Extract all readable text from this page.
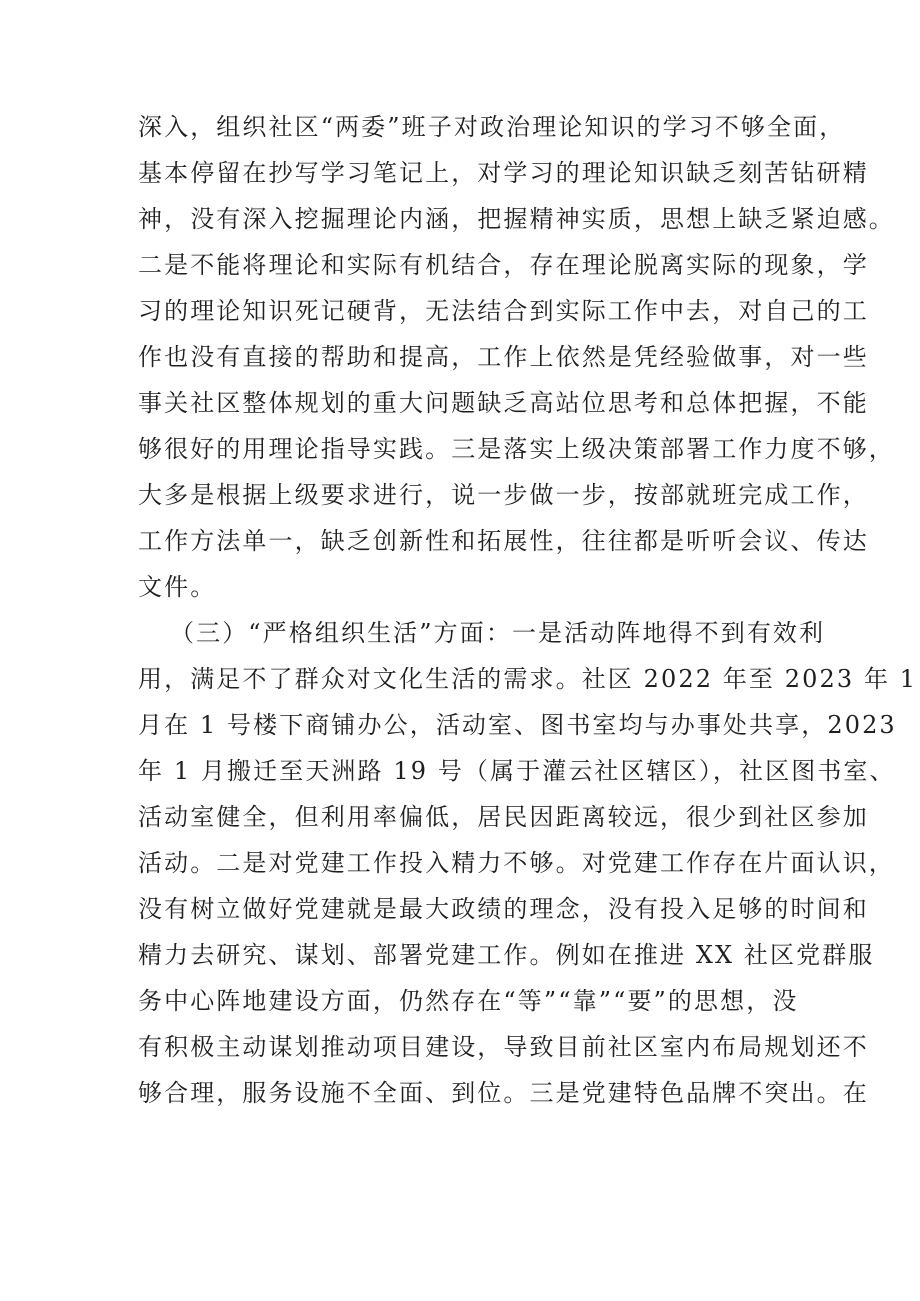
深入，组织社区“两委”班子对政治理论知识的学习不够全面，
基本停留在抄写学习笔记上，对学习的理论知识缺乏刻苦钻研精
神，没有深入挖掘理论内涵，把握精神实质，思想上缺乏紧迫感。
二是不能将理论和实际有机结合，存在理论脱离实际的现象，学
习的理论知识死记硬背，无法结合到实际工作中去，对自己的工
作也没有直接的帮助和提高，工作上依然是凭经验做事，对一些
事关社区整体规划的重大问题缺乏高站位思考和总体把握，不能
够很好的用理论指导实践。三是落实上级决策部署工作力度不够，
大多是根据上级要求进行，说一步做一步，按部就班完成工作，
工作方法单一，缺乏创新性和拓展性，往往都是听听会议、传达
文件。
（三）“严格组织生活”方面：一是活动阵地得不到有效利
用，满足不了群众对文化生活的需求。社区 2022 年至 2023 年 1
月在 1 号楼下商铺办公，活动室、图书室均与办事处共享，2023
年 1 月搬迁至天洲路 19 号（属于灌云社区辖区），社区图书室、
活动室健全，但利用率偏低，居民因距离较远，很少到社区参加
活动。二是对党建工作投入精力不够。对党建工作存在片面认识，
没有树立做好党建就是最大政绩的理念，没有投入足够的时间和
精力去研究、谋划、部署党建工作。例如在推进 XX 社区党群服
务中心阵地建设方面，仍然存在“等”“靠”“要”的思想，没
有积极主动谋划推动项目建设，导致目前社区室内布局规划还不
够合理，服务设施不全面、到位。三是党建特色品牌不突出。在
